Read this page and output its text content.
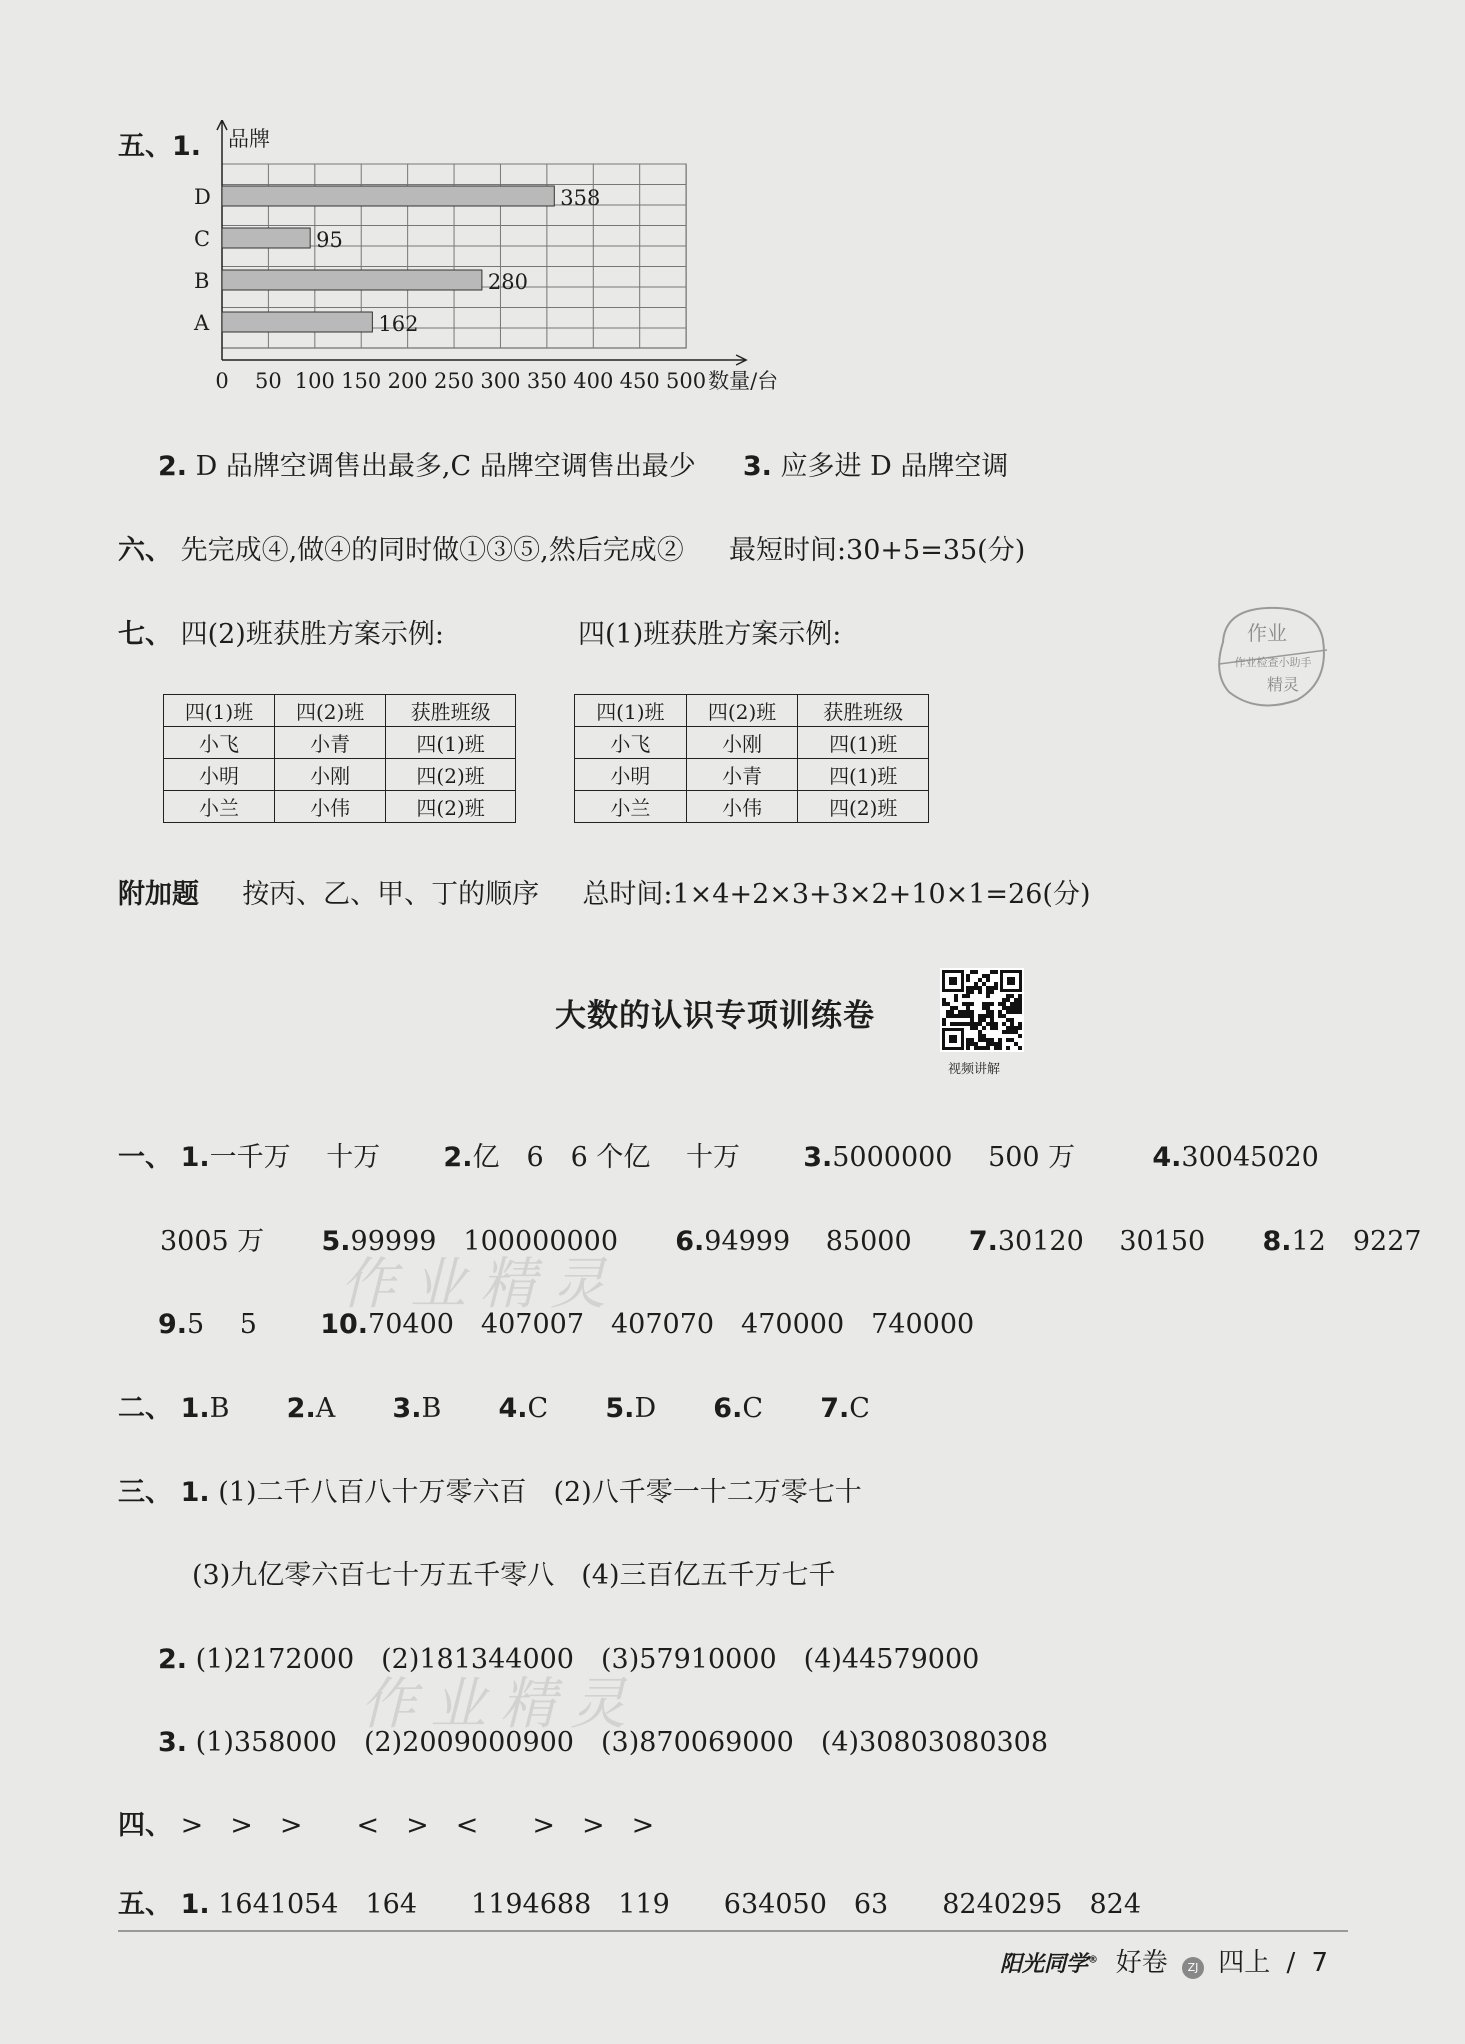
五、1. 品牌
D	358
C	95
B	280
A	162
0 50 100 150 200 250 300 350 400 450 500 数量/台
2. D 品牌空调售出最多,C 品牌空调售出最少 3. 应多进 D 品牌空调
六、 先完成④,做④的同时做①③⑤,然后完成② 最短时间:30+5=35(分)
七、 四(2)班获胜方案示例:	四(1)班获胜方案示例:	作业
作业检查小助手
精灵
四(1)班	四(2)班	获胜班级
小飞	小青	四(1)班
小明	小刚	四(2)班
小兰	小伟	四(2)班
四(1)班	四(2)班	获胜班级
小飞	小刚	四(1)班
小明	小青	四(1)班
小兰	小伟	四(2)班
附加题 按丙、乙、甲、丁的顺序 总时间:1×4+2×3+3×2+10×1=26(分)
大数的认识专项训练卷
视频讲解
一、 1.一千万　 十万 2.亿　6　6 个亿　 十万 3.5000000　 500 万	4.30045020
3005 万 5.99999　100000000 6.94999　 85000 7.30120　 30150 8.12　9227
9.5　 5 10.70400　407007　407070　470000　740000
二、 1.B 2.A 3.B 4.C 5.D 6.C 7.C
三、 1. (1)二千八百八十万零六百　(2)八千零一十二万零七十
(3)九亿零六百七十万五千零八　(4)三百亿五千万七千
2. (1)2172000　(2)181344000　(3)57910000　(4)44579000
3. (1)358000　(2)2009000900　(3)870069000　(4)30803080308
四、 >　>　>　　<　>　<　　>　>　>
五、 1. 1641054　164　　1194688　119　　634050　63　　8240295　824
作业精灵
作业精灵
阳光同学® 好卷 ZJ 四上 / 7
